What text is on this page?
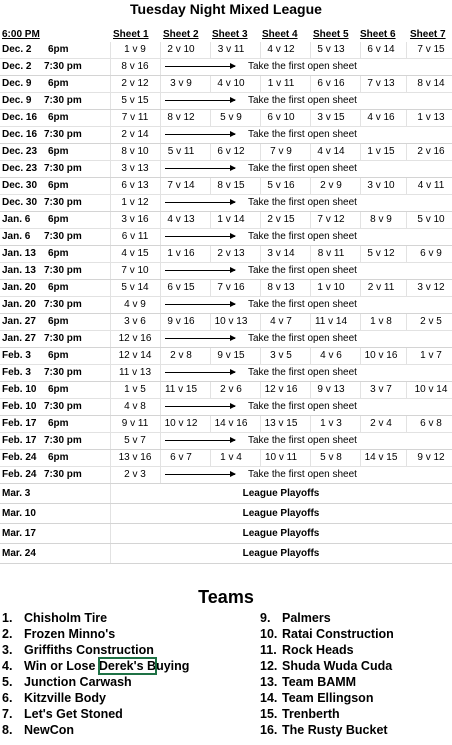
Tuesday Night Mixed League
6:00 PM	Sheet 1 Sheet 2 Sheet 3 Sheet 4 Sheet 5 Sheet 6 Sheet 7
Dec. 2 6pm	1 v 9	2 v 10	3 v 11	4 v 12	5 v 13	6 v 14	7 v 15
Dec. 2 7:30 pm	8 v 16	Take the first open sheet
Dec. 9 6pm	2 v 12	3 v 9	4 v 10	1 v 11	6 v 16	7 v 13	8 v 14
Dec. 9 7:30 pm	5 v 15	Take the first open sheet
Dec. 16 6pm	7 v 11	8 v 12	5 v 9	6 v 10	3 v 15	4 v 16	1 v 13
Dec. 16 7:30 pm	2 v 14	Take the first open sheet
Dec. 23 6pm	8 v 10	5 v 11	6 v 12	7 v 9	4 v 14	1 v 15	2 v 16
Dec. 23 7:30 pm	3 v 13	Take the first open sheet
Dec. 30 6pm	6 v 13	7 v 14	8 v 15	5 v 16	2 v 9	3 v 10	4 v 11
Dec. 30 7:30 pm	1 v 12	Take the first open sheet
Jan. 6 6pm	3 v 16	4 v 13	1 v 14	2 v 15	7 v 12	8 v 9	5 v 10
Jan. 6 7:30 pm	6 v 11	Take the first open sheet
Jan. 13 6pm	4 v 15	1 v 16	2 v 13	3 v 14	8 v 11	5 v 12	6 v 9
Jan. 13 7:30 pm	7 v 10	Take the first open sheet
Jan. 20 6pm	5 v 14	6 v 15	7 v 16	8 v 13	1 v 10	2 v 11	3 v 12
Jan. 20 7:30 pm	4 v 9	Take the first open sheet
Jan. 27 6pm	3 v 6	9 v 16	10 v 13	4 v 7	11 v 14	1 v 8	2 v 5
Jan. 27 7:30 pm	12 v 16	Take the first open sheet
Feb. 3 6pm	12 v 14	2 v 8	9 v 15	3 v 5	4 v 6	10 v 16	1 v 7
Feb. 3 7:30 pm	11 v 13	Take the first open sheet
Feb. 10 6pm	1 v 5	11 v 15	2 v 6	12 v 16	9 v 13	3 v 7	10 v 14
Feb. 10 7:30 pm	4 v 8	Take the first open sheet
Feb. 17 6pm	9 v 11	10 v 12	14 v 16	13 v 15	1 v 3	2 v 4	6 v 8
Feb. 17 7:30 pm	5 v 7	Take the first open sheet
Feb. 24 6pm	13 v 16	6 v 7	1 v 4	10 v 11	5 v 8	14 v 15	9 v 12
Feb. 24 7:30 pm	2 v 3	Take the first open sheet
Mar. 3	League Playoffs
Mar. 10	League Playoffs
Mar. 17	League Playoffs
Mar. 24	League Playoffs
Teams
1. Chisholm Tire
2. Frozen Minno's
3. Griffiths Construction
4. Win or Lose Derek's Buying
5. Junction Carwash
6. Kitzville Body
7. Let's Get Stoned
8. NewCon
9. Palmers
10. Ratai Construction
11. Rock Heads
12. Shuda Wuda Cuda
13. Team BAMM
14. Team Ellingson
15. Trenberth
16. The Rusty Bucket
